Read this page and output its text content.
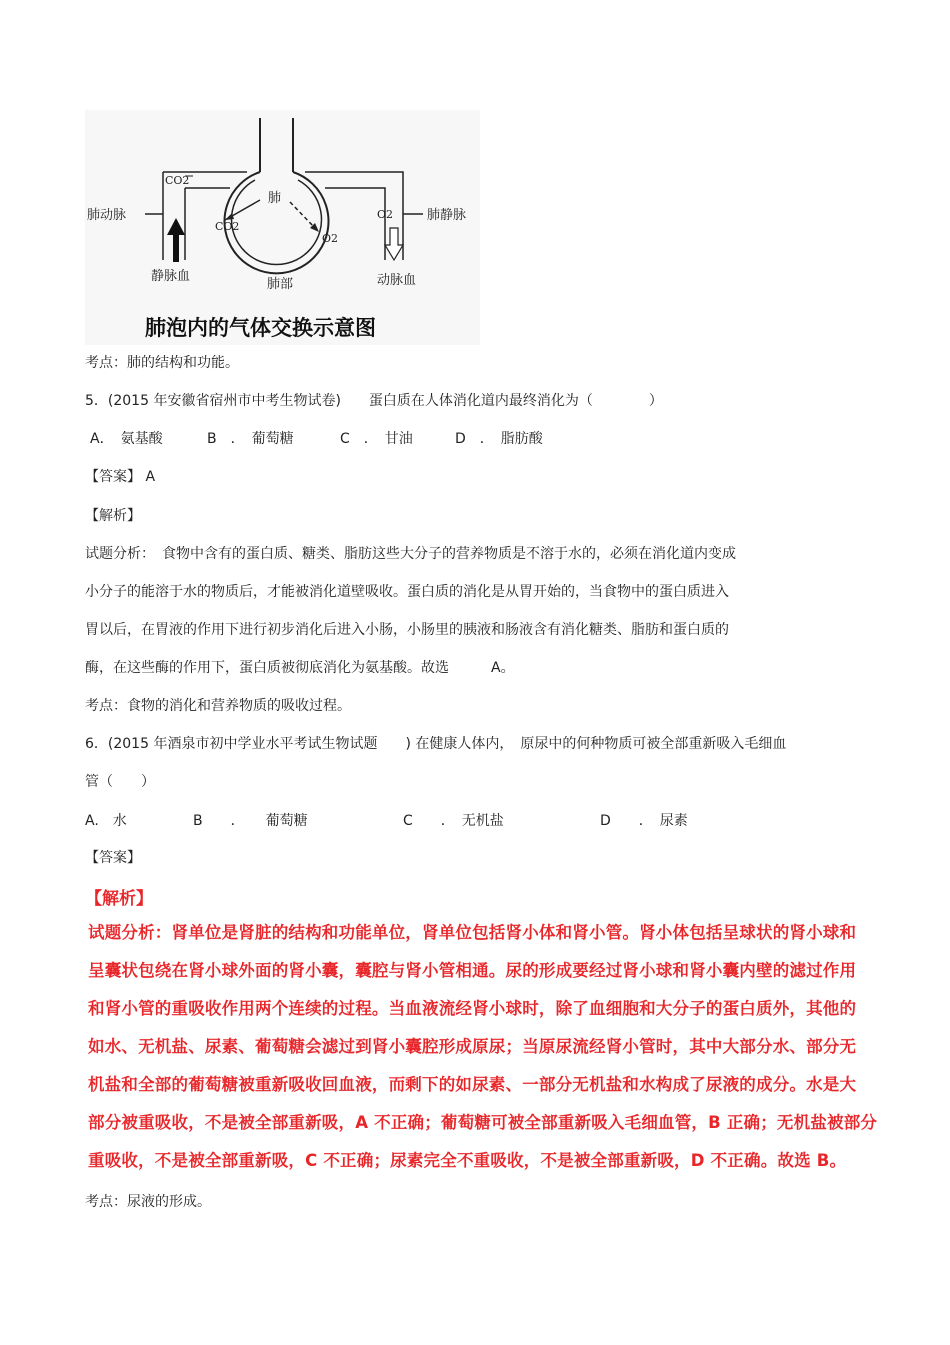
CO2
CO2
肺
O2
O2
肺动脉	肺静脉
静脉血	动脉血
肺部
肺泡内的气体交换示意图
考点：肺的结构和功能。
5．(2015 年安徽省宿州市中考生物试卷)　　蛋白质在人体消化道内最终消化为（　　　　）
A．　氨基酸	B　．　葡萄糖	C　．　甘油	D　．　脂肪酸
【答案】 A
【解析】
试题分析：　食物中含有的蛋白质、糖类、脂肪这些大分子的营养物质是不溶于水的，必须在消化道内变成
小分子的能溶于水的物质后，才能被消化道壁吸收。蛋白质的消化是从胃开始的，当食物中的蛋白质进入
胃以后，在胃液的作用下进行初步消化后进入小肠，小肠里的胰液和肠液含有消化糖类、脂肪和蛋白质的
酶，在这些酶的作用下，蛋白质被彻底消化为氨基酸。故选　　　A。
考点：食物的消化和营养物质的吸收过程。
6．(2015 年酒泉市初中学业水平考试生物试题　　) 在健康人体内，　原尿中的何种物质可被全部重新吸入毛细血
管（　　）
A.　水	B　　．　　葡萄糖	C　　．　无机盐	D　　．　尿素
【答案】
【解析】
试题分析：肾单位是肾脏的结构和功能单位，肾单位包括肾小体和肾小管。肾小体包括呈球状的肾小球和
呈囊状包绕在肾小球外面的肾小囊，囊腔与肾小管相通。尿的形成要经过肾小球和肾小囊内壁的滤过作用
和肾小管的重吸收作用两个连续的过程。当血液流经肾小球时，除了血细胞和大分子的蛋白质外，其他的
如水、无机盐、尿素、葡萄糖会滤过到肾小囊腔形成原尿；当原尿流经肾小管时，其中大部分水、部分无
机盐和全部的葡萄糖被重新吸收回血液，而剩下的如尿素、一部分无机盐和水构成了尿液的成分。水是大
部分被重吸收，不是被全部重新吸，A 不正确；葡萄糖可被全部重新吸入毛细血管，B 正确；无机盐被部分
重吸收，不是被全部重新吸，C 不正确；尿素完全不重吸收，不是被全部重新吸，D 不正确。故选 B。
考点：尿液的形成。
